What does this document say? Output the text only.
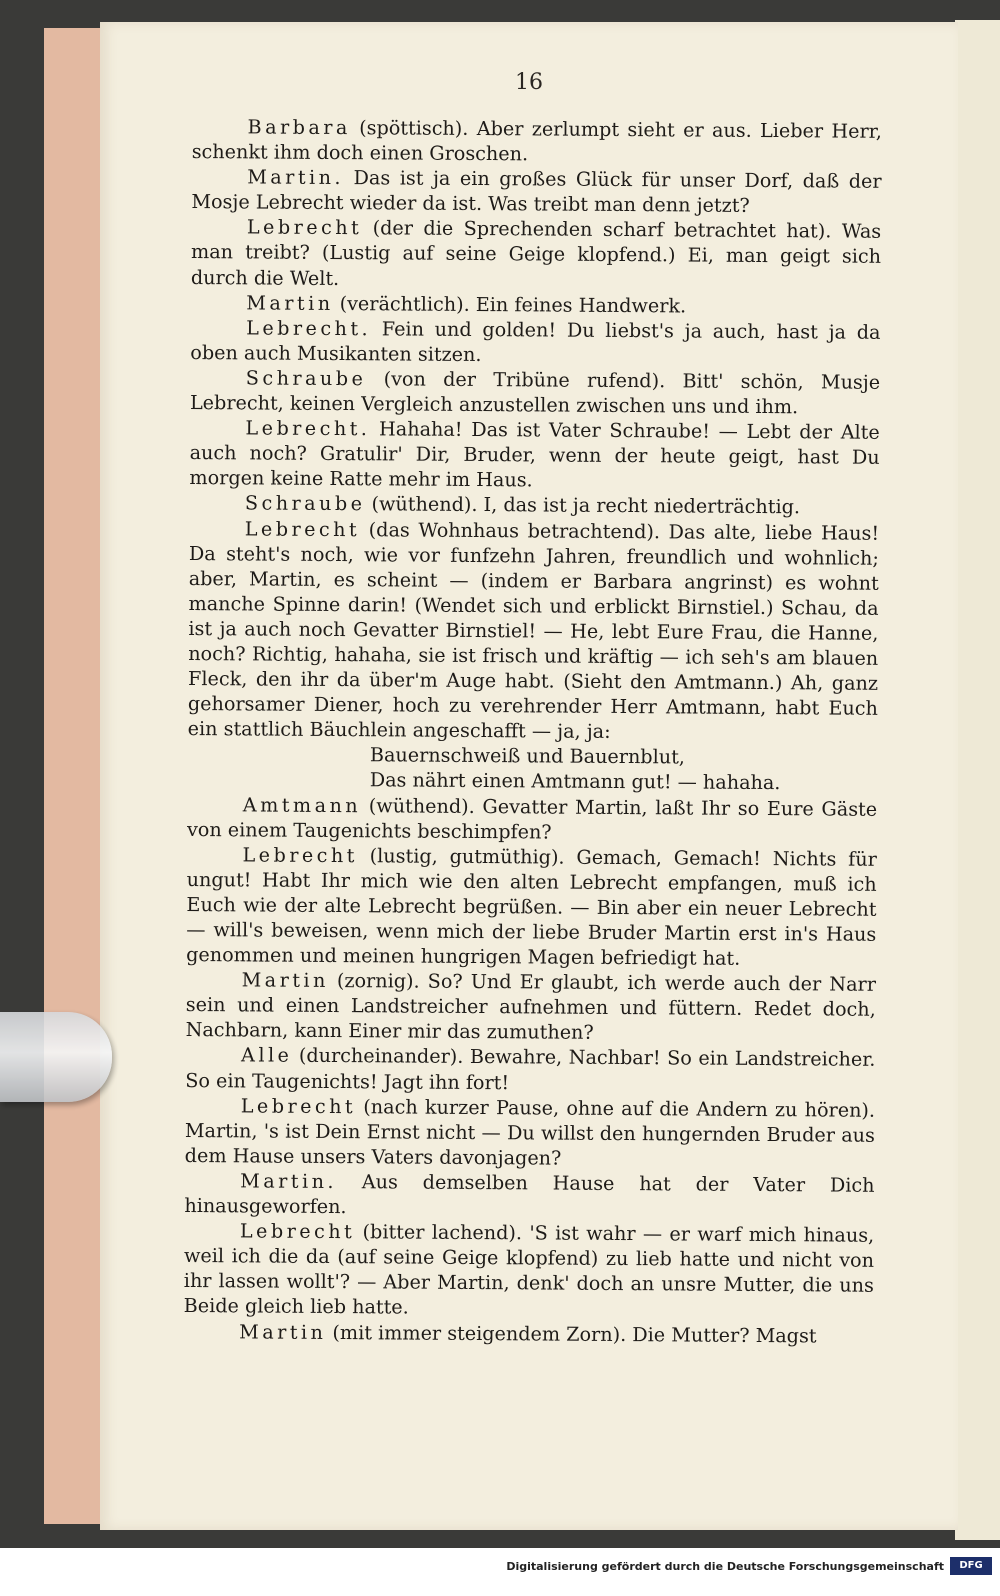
16

Barbara (spöttisch). Aber zerlumpt sieht er aus. Lieber Herr, schenkt ihm doch einen Groschen.

Martin. Das ist ja ein großes Glück für unser Dorf, daß der Mosje Lebrecht wieder da ist. Was treibt man denn jetzt?

Lebrecht (der die Sprechenden scharf betrachtet hat). Was man treibt? (Lustig auf seine Geige klopfend.) Ei, man geigt sich durch die Welt.

Martin (verächtlich). Ein feines Handwerk.

Lebrecht. Fein und golden! Du liebst's ja auch, hast ja da oben auch Musikanten sitzen.

Schraube (von der Tribüne rufend). Bitt' schön, Musje Lebrecht, keinen Vergleich anzustellen zwischen uns und ihm.

Lebrecht. Hahaha! Das ist Vater Schraube! — Lebt der Alte auch noch? Gratulir' Dir, Bruder, wenn der heute geigt, hast Du morgen keine Ratte mehr im Haus.

Schraube (wüthend). I, das ist ja recht niederträchtig.

Lebrecht (das Wohnhaus betrachtend). Das alte, liebe Haus! Da steht's noch, wie vor funfzehn Jahren, freundlich und wohnlich; aber, Martin, es scheint — (indem er Barbara angrinst) es wohnt manche Spinne darin! (Wendet sich und erblickt Birnstiel.) Schau, da ist ja auch noch Gevatter Birnstiel! — He, lebt Eure Frau, die Hanne, noch? Richtig, hahaha, sie ist frisch und kräftig — ich seh's am blauen Fleck, den ihr da über'm Auge habt. (Sieht den Amtmann.) Ah, ganz gehorsamer Diener, hoch zu verehrender Herr Amtmann, habt Euch ein stattlich Bäuchlein angeschafft — ja, ja:

Bauernschweiß und Bauernblut,

Das nährt einen Amtmann gut! — hahaha.

Amtmann (wüthend). Gevatter Martin, laßt Ihr so Eure Gäste von einem Taugenichts beschimpfen?

Lebrecht (lustig, gutmüthig). Gemach, Gemach! Nichts für ungut! Habt Ihr mich wie den alten Lebrecht empfangen, muß ich Euch wie der alte Lebrecht begrüßen. — Bin aber ein neuer Lebrecht — will's beweisen, wenn mich der liebe Bruder Martin erst in's Haus genommen und meinen hungrigen Magen befriedigt hat.

Martin (zornig). So? Und Er glaubt, ich werde auch der Narr sein und einen Landstreicher aufnehmen und füttern. Redet doch, Nachbarn, kann Einer mir das zumuthen?

Alle (durcheinander). Bewahre, Nachbar! So ein Landstreicher. So ein Taugenichts! Jagt ihn fort!

Lebrecht (nach kurzer Pause, ohne auf die Andern zu hören). Martin, 's ist Dein Ernst nicht — Du willst den hungernden Bruder aus dem Hause unsers Vaters davonjagen?

Martin. Aus demselben Hause hat der Vater Dich hinausgeworfen.

Lebrecht (bitter lachend). 'S ist wahr — er warf mich hinaus, weil ich die da (auf seine Geige klopfend) zu lieb hatte und nicht von ihr lassen wollt'? — Aber Martin, denk' doch an unsre Mutter, die uns Beide gleich lieb hatte.

Martin (mit immer steigendem Zorn). Die Mutter? Magst

Digitalisierung gefördert durch die Deutsche Forschungsgemeinschaft	DFG
